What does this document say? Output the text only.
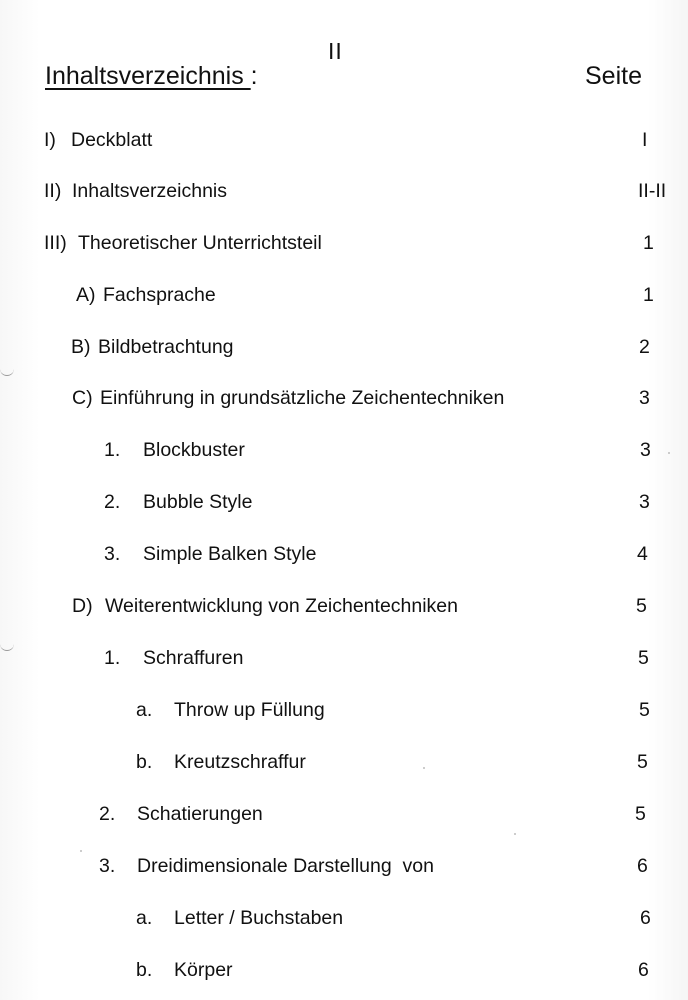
II
Inhaltsverzeichnis :	Seite
I) Deckblatt	I
II) Inhaltsverzeichnis	II-II
III) Theoretischer Unterrichtsteil	1
A) Fachsprache	1
B) Bildbetrachtung	2
C) Einführung in grundsätzliche Zeichentechniken	3
1. Blockbuster	3
2. Bubble Style	3
3. Simple Balken Style	4
D) Weiterentwicklung von Zeichentechniken	5
1. Schraffuren	5
a. Throw up Füllung	5
b. Kreutzschraffur	5
2. Schatierungen	5
3. Dreidimensionale Darstellung  von	6
a. Letter / Buchstaben	6
b. Körper	6
